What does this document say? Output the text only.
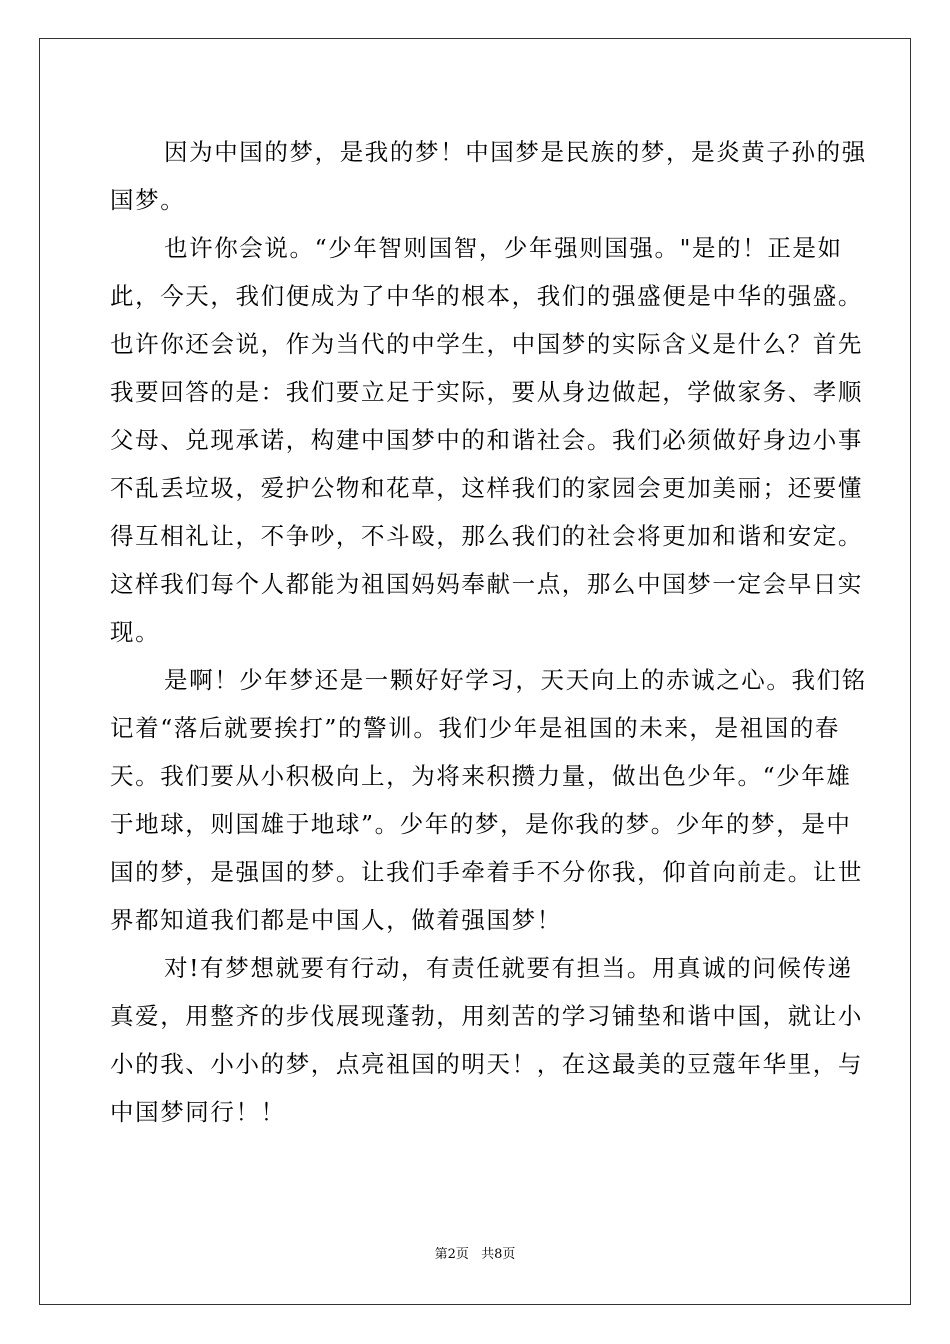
因为中国的梦，是我的梦！中国梦是民族的梦，是炎黄子孙的强
国梦。

也许你会说。“少年智则国智，少年强则国强。"是的！正是如
此，今天，我们便成为了中华的根本，我们的强盛便是中华的强盛。
也许你还会说，作为当代的中学生，中国梦的实际含义是什么？首先
我要回答的是：我们要立足于实际，要从身边做起，学做家务、孝顺
父母、兑现承诺，构建中国梦中的和谐社会。我们必须做好身边小事
不乱丢垃圾，爱护公物和花草，这样我们的家园会更加美丽；还要懂
得互相礼让，不争吵，不斗殴，那么我们的社会将更加和谐和安定。
这样我们每个人都能为祖国妈妈奉献一点，那么中国梦一定会早日实
现。

是啊！少年梦还是一颗好好学习，天天向上的赤诚之心。我们铭
记着“落后就要挨打”的警训。我们少年是祖国的未来，是祖国的春
天。我们要从小积极向上，为将来积攒力量，做出色少年。“少年雄
于地球，则国雄于地球”。少年的梦，是你我的梦。少年的梦，是中
国的梦，是强国的梦。让我们手牵着手不分你我，仰首向前走。让世
界都知道我们都是中国人，做着强国梦！

对!有梦想就要有行动，有责任就要有担当。用真诚的问候传递
真爱，用整齐的步伐展现蓬勃，用刻苦的学习铺垫和谐中国，就让小
小的我、小小的梦，点亮祖国的明天！，在这最美的豆蔻年华里，与
中国梦同行！！

第2页 共8页
